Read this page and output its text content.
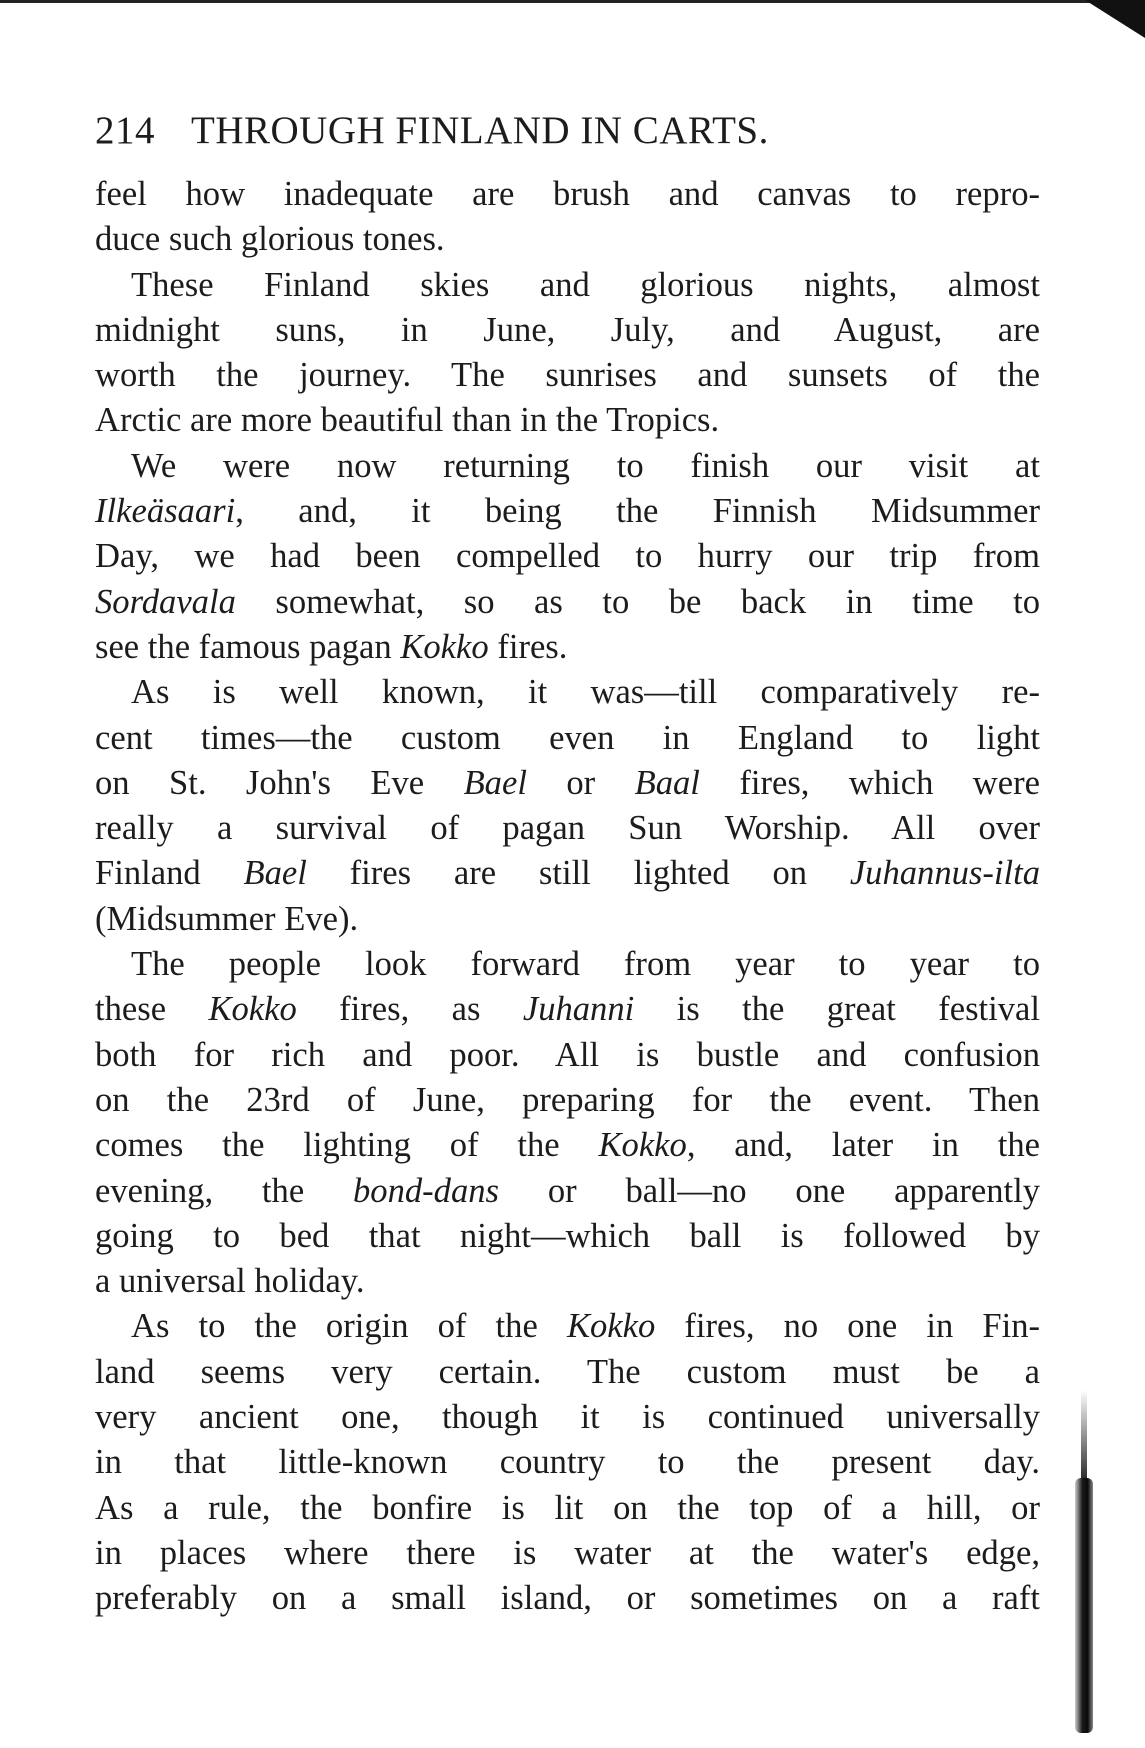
214 THROUGH FINLAND IN CARTS.
feel how inadequate are brush and canvas to repro-
duce such glorious tones.
These Finland skies and glorious nights, almost
midnight suns, in June, July, and August, are
worth the journey. The sunrises and sunsets of the
Arctic are more beautiful than in the Tropics.
We were now returning to finish our visit at
Ilkeäsaari, and, it being the Finnish Midsummer
Day, we had been compelled to hurry our trip from
Sordavala somewhat, so as to be back in time to
see the famous pagan Kokko fires.
As is well known, it was—till comparatively re-
cent times—the custom even in England to light
on St. John's Eve Bael or Baal fires, which were
really a survival of pagan Sun Worship. All over
Finland Bael fires are still lighted on Juhannus-ilta
(Midsummer Eve).
The people look forward from year to year to
these Kokko fires, as Juhanni is the great festival
both for rich and poor. All is bustle and confusion
on the 23rd of June, preparing for the event. Then
comes the lighting of the Kokko, and, later in the
evening, the bond-dans or ball—no one apparently
going to bed that night—which ball is followed by
a universal holiday.
As to the origin of the Kokko fires, no one in Fin-
land seems very certain. The custom must be a
very ancient one, though it is continued universally
in that little-known country to the present day.
As a rule, the bonfire is lit on the top of a hill, or
in places where there is water at the water's edge,
preferably on a small island, or sometimes on a raft
